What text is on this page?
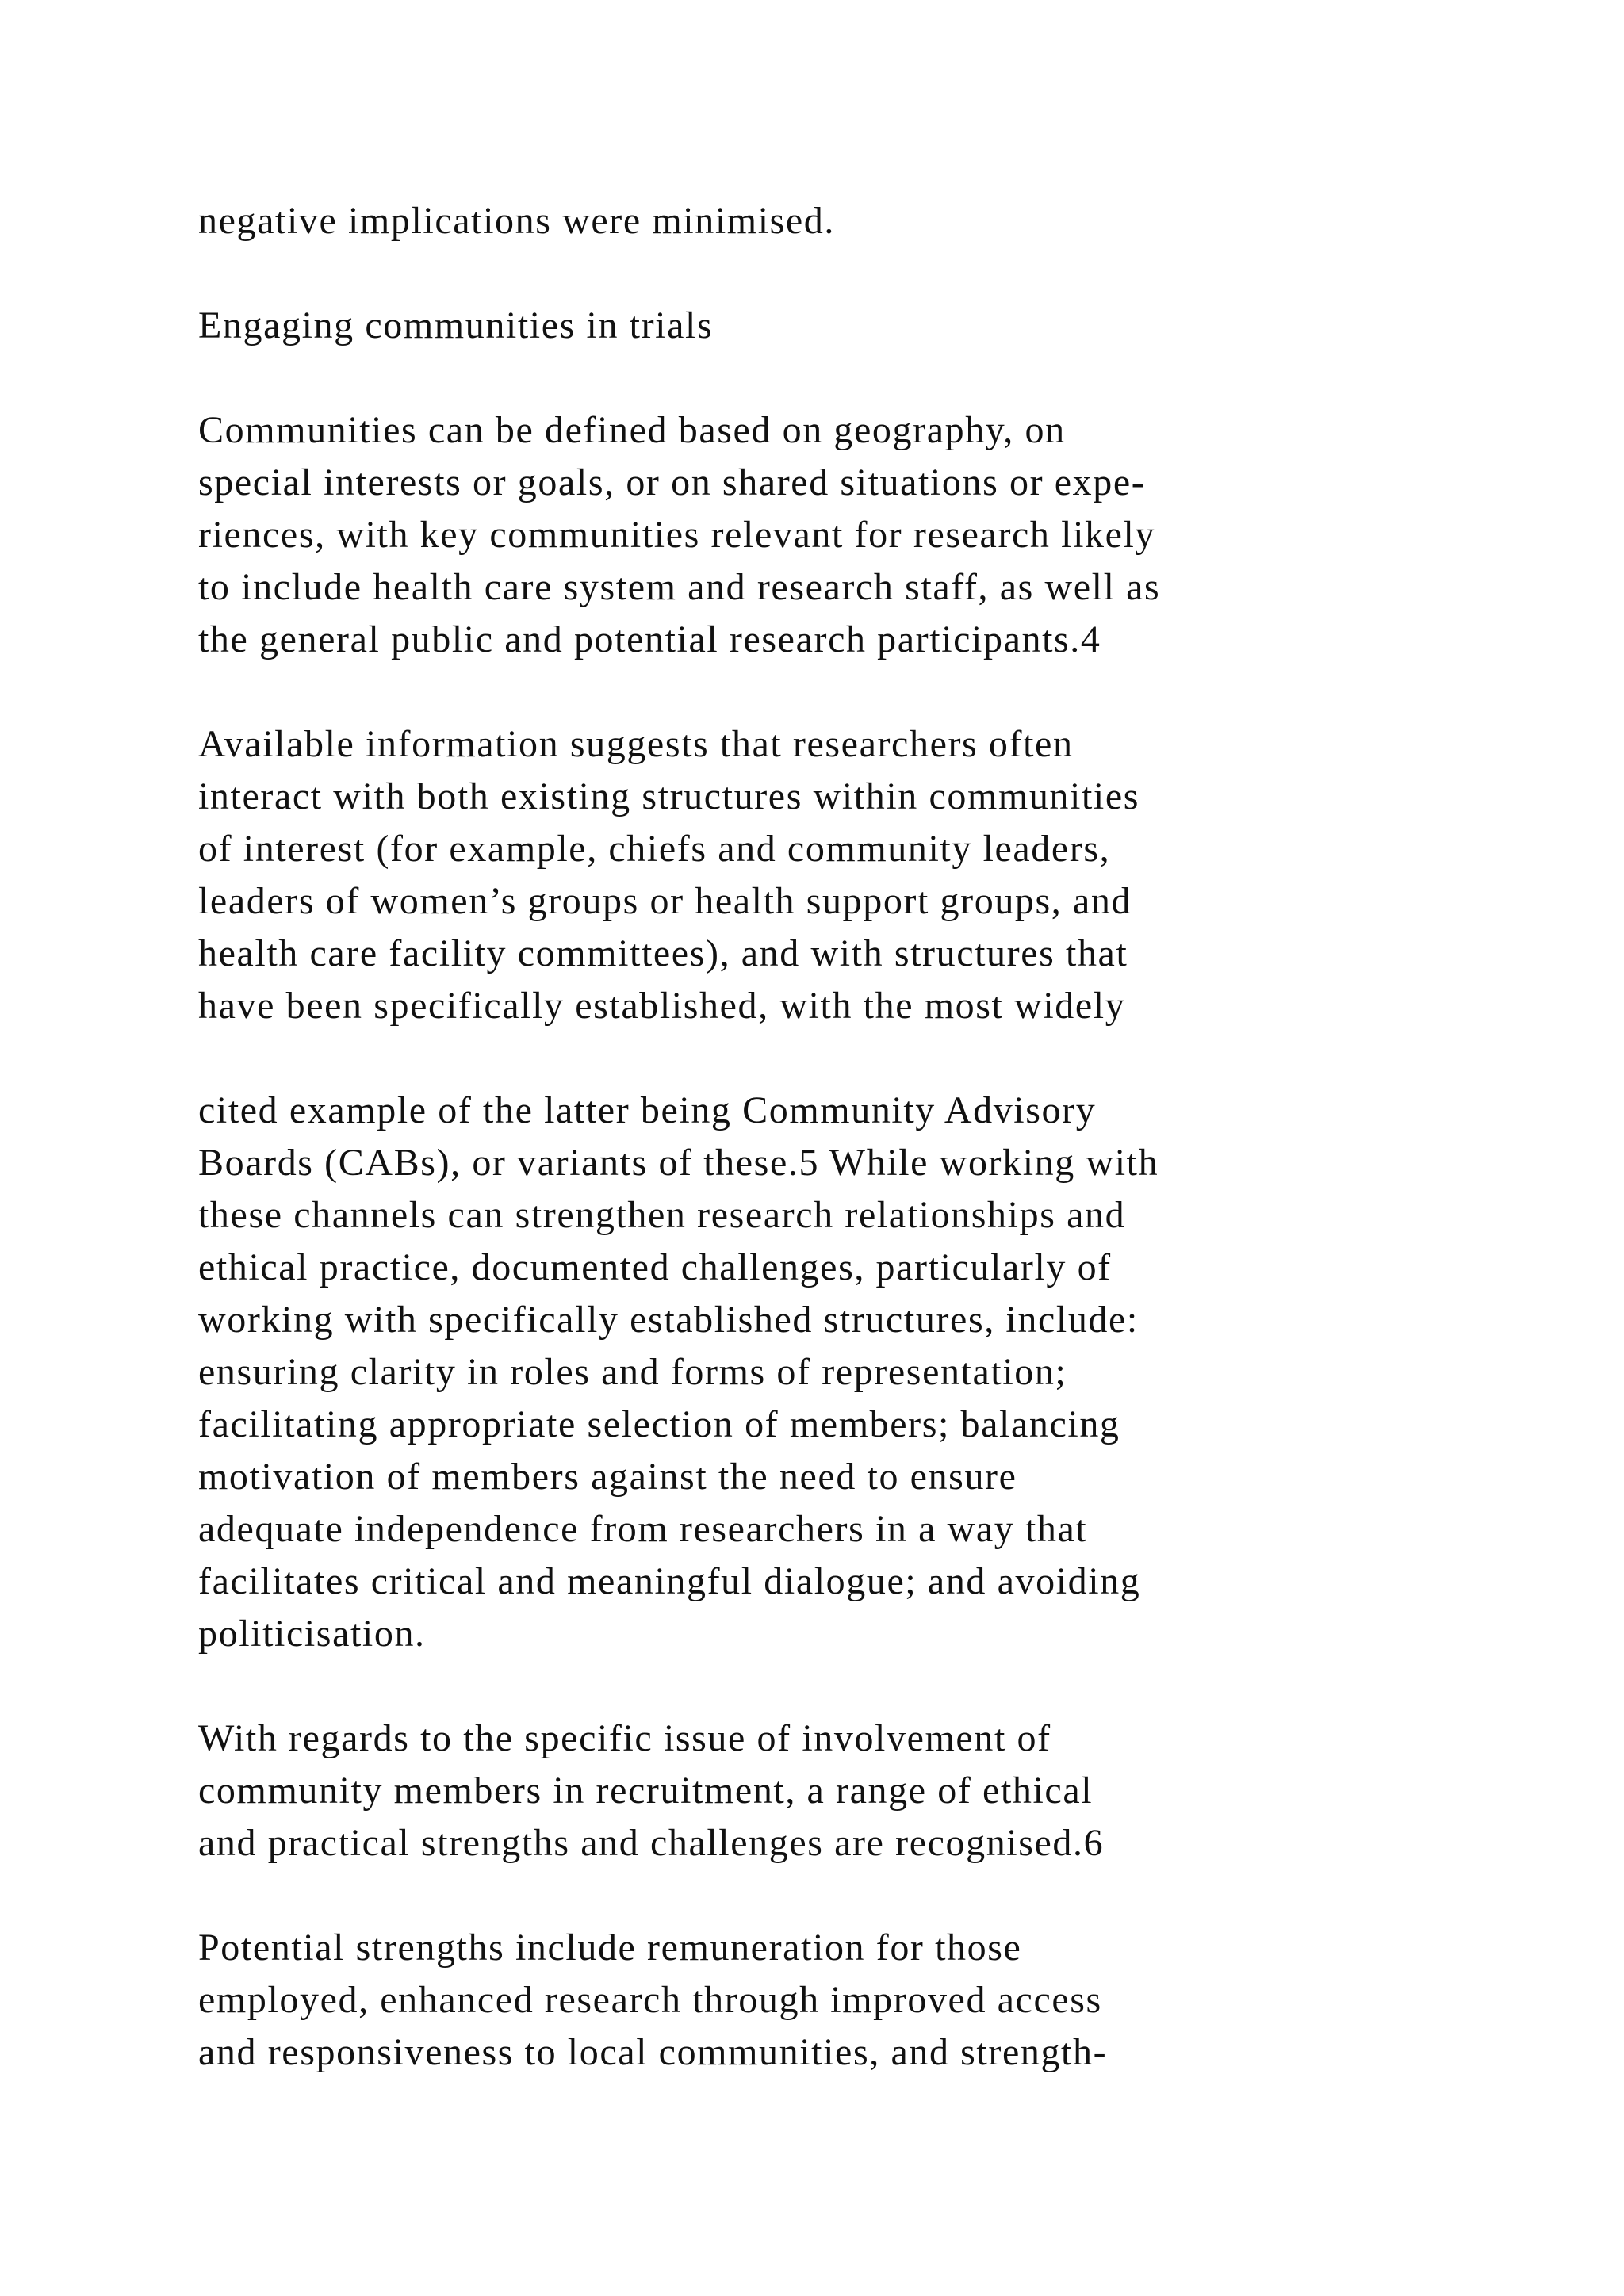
negative implications were minimised.
Engaging communities in trials
Communities can be defined based on geography, on
special interests or goals, or on shared situations or expe-
riences, with key communities relevant for research likely
to include health care system and research staff, as well as
the general public and potential research participants.4
Available information suggests that researchers often
interact with both existing structures within communities
of interest (for example, chiefs and community leaders,
leaders of women’s groups or health support groups, and
health care facility committees), and with structures that
have been specifically established, with the most widely
cited example of the latter being Community Advisory
Boards (CABs), or variants of these.5 While working with
these channels can strengthen research relationships and
ethical practice, documented challenges, particularly of
working with specifically established structures, include:
ensuring clarity in roles and forms of representation;
facilitating appropriate selection of members; balancing
motivation of members against the need to ensure
adequate independence from researchers in a way that
facilitates critical and meaningful dialogue; and avoiding
politicisation.
With regards to the specific issue of involvement of
community members in recruitment, a range of ethical
and practical strengths and challenges are recognised.6
Potential strengths include remuneration for those
employed, enhanced research through improved access
and responsiveness to local communities, and strength-
